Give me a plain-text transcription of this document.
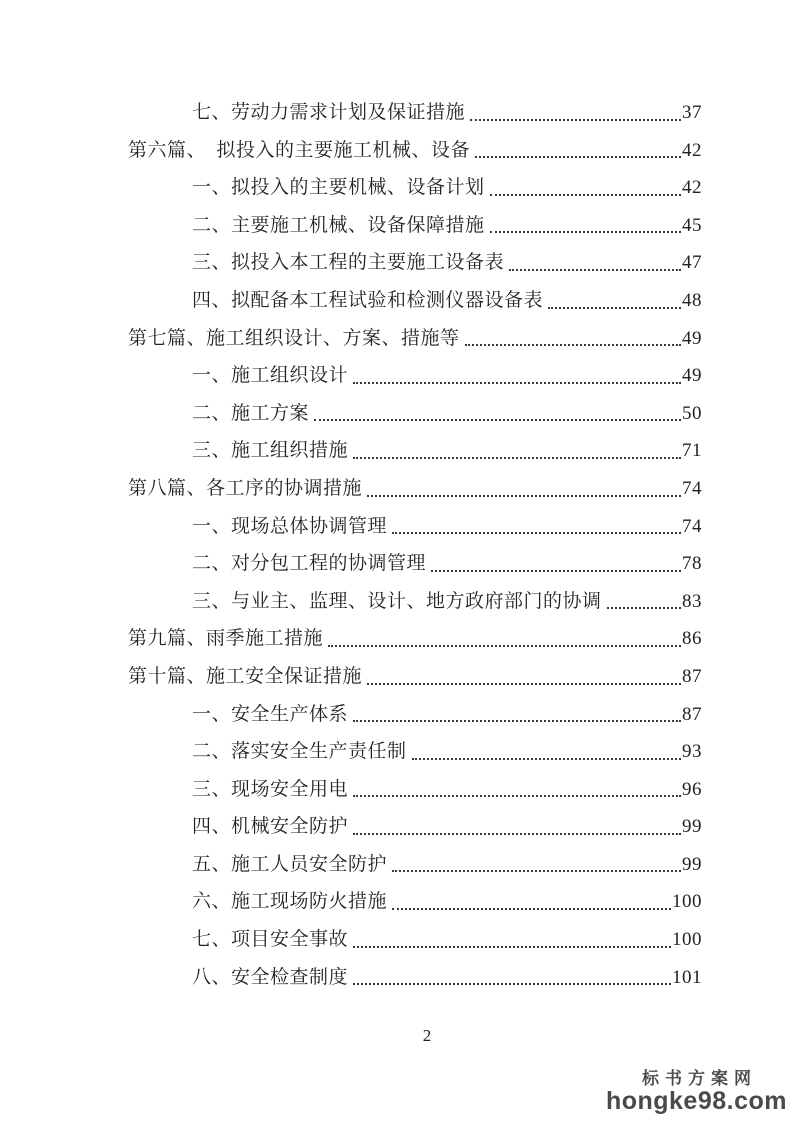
七、劳动力需求计划及保证措施	37
第六篇、  拟投入的主要施工机械、设备	42
一、拟投入的主要机械、设备计划	42
二、主要施工机械、设备保障措施	45
三、拟投入本工程的主要施工设备表	47
四、拟配备本工程试验和检测仪器设备表	48
第七篇、施工组织设计、方案、措施等	49
一、施工组织设计	49
二、施工方案	50
三、施工组织措施	71
第八篇、各工序的协调措施	74
一、现场总体协调管理	74
二、对分包工程的协调管理	78
三、与业主、监理、设计、地方政府部门的协调	83
第九篇、雨季施工措施	86
第十篇、施工安全保证措施	87
一、安全生产体系	87
二、落实安全生产责任制	93
三、现场安全用电	96
四、机械安全防护	99
五、施工人员安全防护	99
六、施工现场防火措施	100
七、项目安全事故	100
八、安全检查制度	101
2
标书方案网
hongke98.com
